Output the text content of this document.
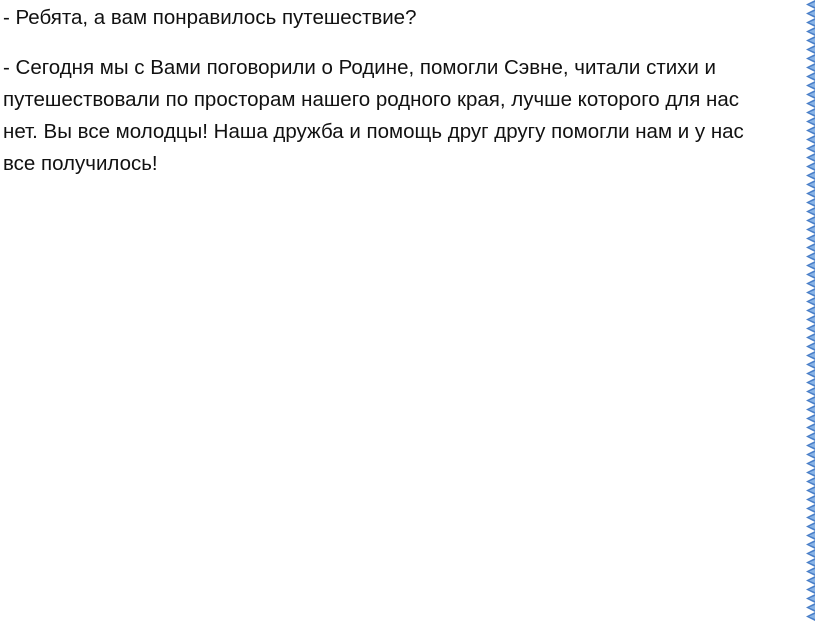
- Ребята, а вам понравилось путешествие?

- Сегодня мы с Вами поговорили о Родине, помогли Сэвне, читали стихи и
путешествовали по просторам нашего родного края, лучше которого для нас
нет. Вы все молодцы! Наша дружба и помощь друг другу помогли нам и у нас
все получилось!
